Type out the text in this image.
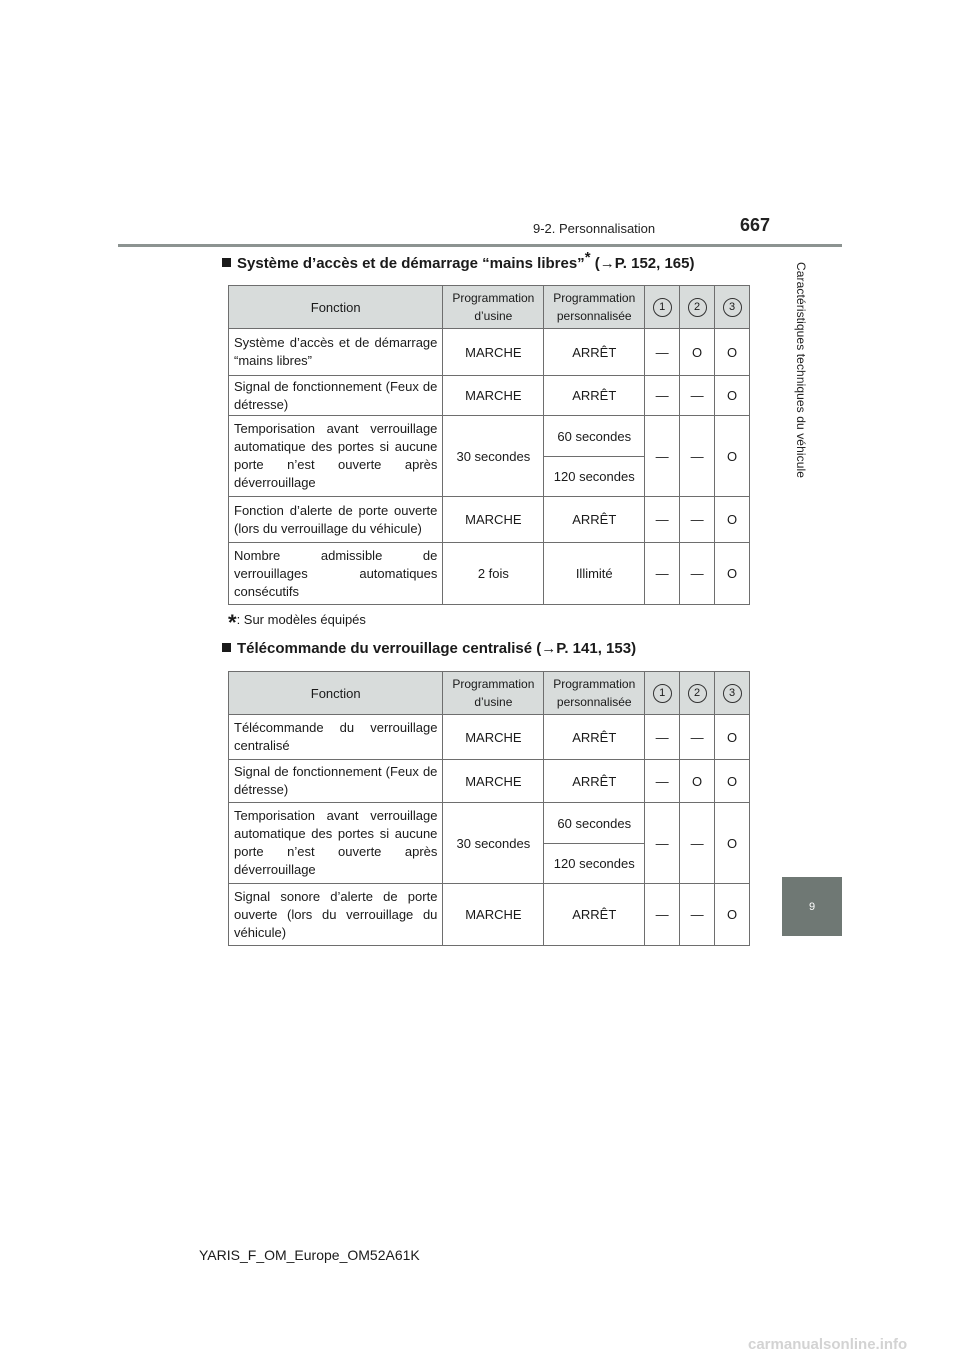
9-2. Personnalisation	667
Caractéristiques techniques du véhicule
9
Système d’accès et de démarrage “mains libres”* (→P. 152, 165)
Fonction	Programmation d’usine	Programmation personnalisée	1	2	3
Système d’accès et de démarrage “mains libres”	MARCHE	ARRÊT	—	O	O
Signal de fonctionnement (Feux de détresse)	MARCHE	ARRÊT	—	—	O
Temporisation avant verrouillage automatique des portes si aucune porte n’est ouverte après déverrouillage	30 secondes	60 secondes	—	—	O
		120 secondes			
Fonction d’alerte de porte ouverte (lors du verrouillage du véhicule)	MARCHE	ARRÊT	—	—	O
Nombre admissible de verrouillages automatiques consécutifs	2 fois	Illimité	—	—	O
*: Sur modèles équipés
Télécommande du verrouillage centralisé (→P. 141, 153)
Fonction	Programmation d’usine	Programmation personnalisée	1	2	3
Télécommande du verrouillage centralisé	MARCHE	ARRÊT	—	—	O
Signal de fonctionnement (Feux de détresse)	MARCHE	ARRÊT	—	O	O
Temporisation avant verrouillage automatique des portes si aucune porte n’est ouverte après déverrouillage	30 secondes	60 secondes	—	—	O
		120 secondes			
Signal sonore d’alerte de porte ouverte (lors du verrouillage du véhicule)	MARCHE	ARRÊT	—	—	O
YARIS_F_OM_Europe_OM52A61K
carmanualsonline.info
